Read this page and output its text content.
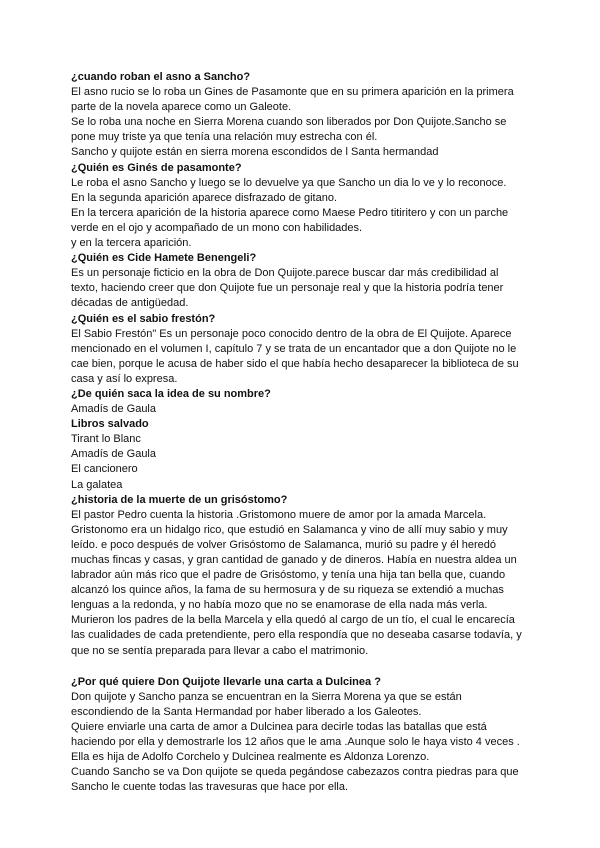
¿cuando roban el asno a Sancho?
El asno rucio se lo roba un Gines de Pasamonte que en su primera aparición en la primera
parte de la novela aparece como un Galeote.
Se lo roba una noche en Sierra Morena cuando son liberados por Don Quijote.Sancho se
pone muy triste ya que tenía una relación muy estrecha con él.
Sancho y quijote están en sierra morena escondidos de l Santa hermandad
¿Quién es Ginés de pasamonte?
Le roba el asno Sancho y luego se lo devuelve ya que Sancho un dia lo ve y lo reconoce.
En la segunda aparición aparece disfrazado de gitano.
En la tercera aparición de la historia aparece como Maese Pedro titiritero y con un parche
verde en el ojo y acompañado de un mono con habilidades.
y en la tercera aparición.
¿Quién es Cide Hamete Benengeli?
Es un personaje ficticio en la obra de Don Quijote.parece buscar dar más credibilidad al
texto, haciendo creer que don Quijote fue un personaje real y que la historia podría tener
décadas de antigüedad.
¿Quién es el sabio frestón?
El Sabio Frestón" Es un personaje poco conocido dentro de la obra de El Quijote. Aparece
mencionado en el volumen I, capítulo 7 y se trata de un encantador que a don Quijote no le
cae bien, porque le acusa de haber sido el que había hecho desaparecer la biblioteca de su
casa y así lo expresa.
¿De quién saca la idea de su nombre?
Amadís de Gaula
Libros salvado
Tirant lo Blanc
Amadís de Gaula
El cancionero
La galatea
¿historia de la muerte de un grisóstomo?
El pastor Pedro cuenta la historia .Gristomono muere de amor por la amada Marcela.
Gristonomo era un hidalgo rico, que estudió en Salamanca y vino de allí muy sabio y muy
leído. e poco después de volver Grisóstomo de Salamanca, murió su padre y él heredó
muchas fincas y casas, y gran cantidad de ganado y de dineros. Había en nuestra aldea un
labrador aún más rico que el padre de Grisóstomo, y tenía una hija tan bella que, cuando
alcanzó los quince años, la fama de su hermosura y de su riqueza se extendió a muchas
lenguas a la redonda, y no había mozo que no se enamorase de ella nada más verla.
Murieron los padres de la bella Marcela y ella quedó al cargo de un tío, el cual le encarecía
las cualidades de cada pretendiente, pero ella respondía que no deseaba casarse todavía, y
que no se sentía preparada para llevar a cabo el matrimonio.
¿Por qué quiere Don Quijote llevarle una carta a Dulcinea ?
Don quijote y Sancho panza se encuentran en la Sierra Morena ya que se están
escondiendo de la Santa Hermandad por haber liberado a los Galeotes.
Quiere enviarle una carta de amor a Dulcinea para decirle todas las batallas que está
haciendo por ella y demostrarle los 12 años que le ama .Aunque solo le haya visto 4 veces .
Ella es hija de Adolfo Corchelo y Dulcinea realmente es Aldonza Lorenzo.
Cuando Sancho se va Don quijote se queda pegándose cabezazos contra piedras para que
Sancho le cuente todas las travesuras que hace por ella.
